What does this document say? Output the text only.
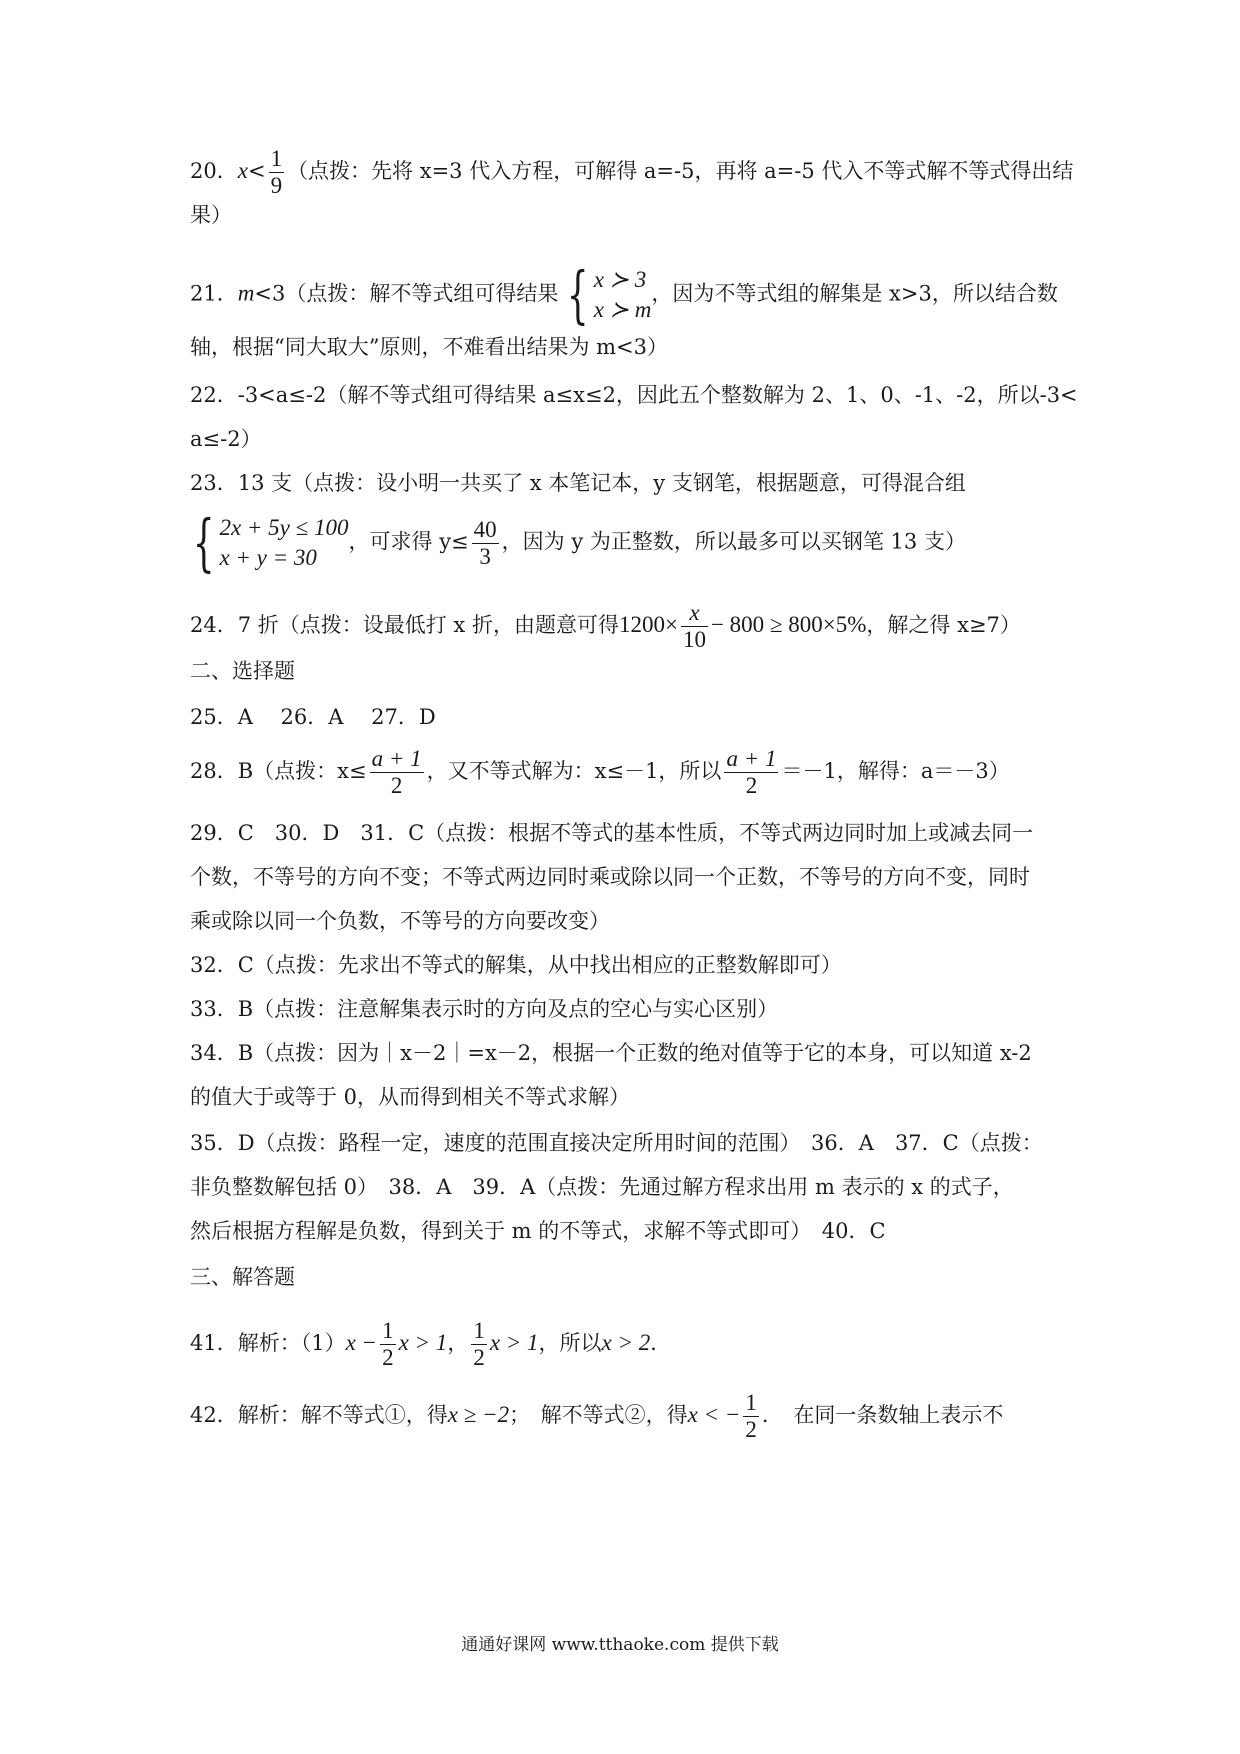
20．$x< \frac{1}{9}$ （点拨：先将 x=3 代入方程，可解得 a=-5，再将 a=-5 代入不等式解不等式得出结
果）
21．m<3（点拨：解不等式组可得结果 { x ≻ 3
x ≻ m
，因为不等式组的解集是 x>3，所以结合数
轴，根据“同大取大”原则，不难看出结果为 m<3）
22．-3<a≤-2（解不等式组可得结果 a≤x≤2，因此五个整数解为 2、1、0、-1、-2，所以-3<
a≤-2）
23．13 支（点拨：设小明一共买了 x 本笔记本，y 支钢笔，根据题意，可得混合组
{ 2x + 5y ≤ 100
x + y = 30
，可求得 $y\le \frac{40}{3}$ ，因为 y 为正整数，所以最多可以买钢笔 13 支）
24．7 折（点拨：设最低打 x 折，由题意可得$1200\times \frac{x}{10} - 800 \ge 800\times 5\%$，解之得 x≥7）
二、选择题
25．A　 26．A　 27．D
28．B（点拨：$x\le \frac{a + 1}{2}$ ，又不等式解为：x≤－1，所以 $\frac{a + 1}{2} =-1$，解得：a＝－3）
29．C　30．D　31．C（点拨：根据不等式的基本性质，不等式两边同时加上或减去同一
个数，不等号的方向不变；不等式两边同时乘或除以同一个正数，不等号的方向不变，同时
乘或除以同一个负数，不等号的方向要改变）
32．C（点拨：先求出不等式的解集，从中找出相应的正整数解即可）
33．B（点拨：注意解集表示时的方向及点的空心与实心区别）
34．B（点拨：因为｜x－2｜=x－2，根据一个正数的绝对值等于它的本身，可以知道 x-2
的值大于或等于 0，从而得到相关不等式求解）
35．D（点拨：路程一定，速度的范围直接决定所用时间的范围）　36．A　37．C（点拨：
非负整数解包括 0）　38．A　39．A（点拨：先通过解方程求出用 m 表示的 x 的式子，
然后根据方程解是负数，得到关于 m 的不等式，求解不等式即可）　40．C
三、解答题
41．解析：$(1)x - \frac{1}{2}$ x > 1， $\frac{1}{2}$ x > 1，所以x > 2．
42．解析：解不等式①，得x ≥ −2；　解不等式②，得x < − $\frac{1}{2}$ ．　在同一条数轴上表示不
通通好课网 www.tthaoke.com 提供下载
